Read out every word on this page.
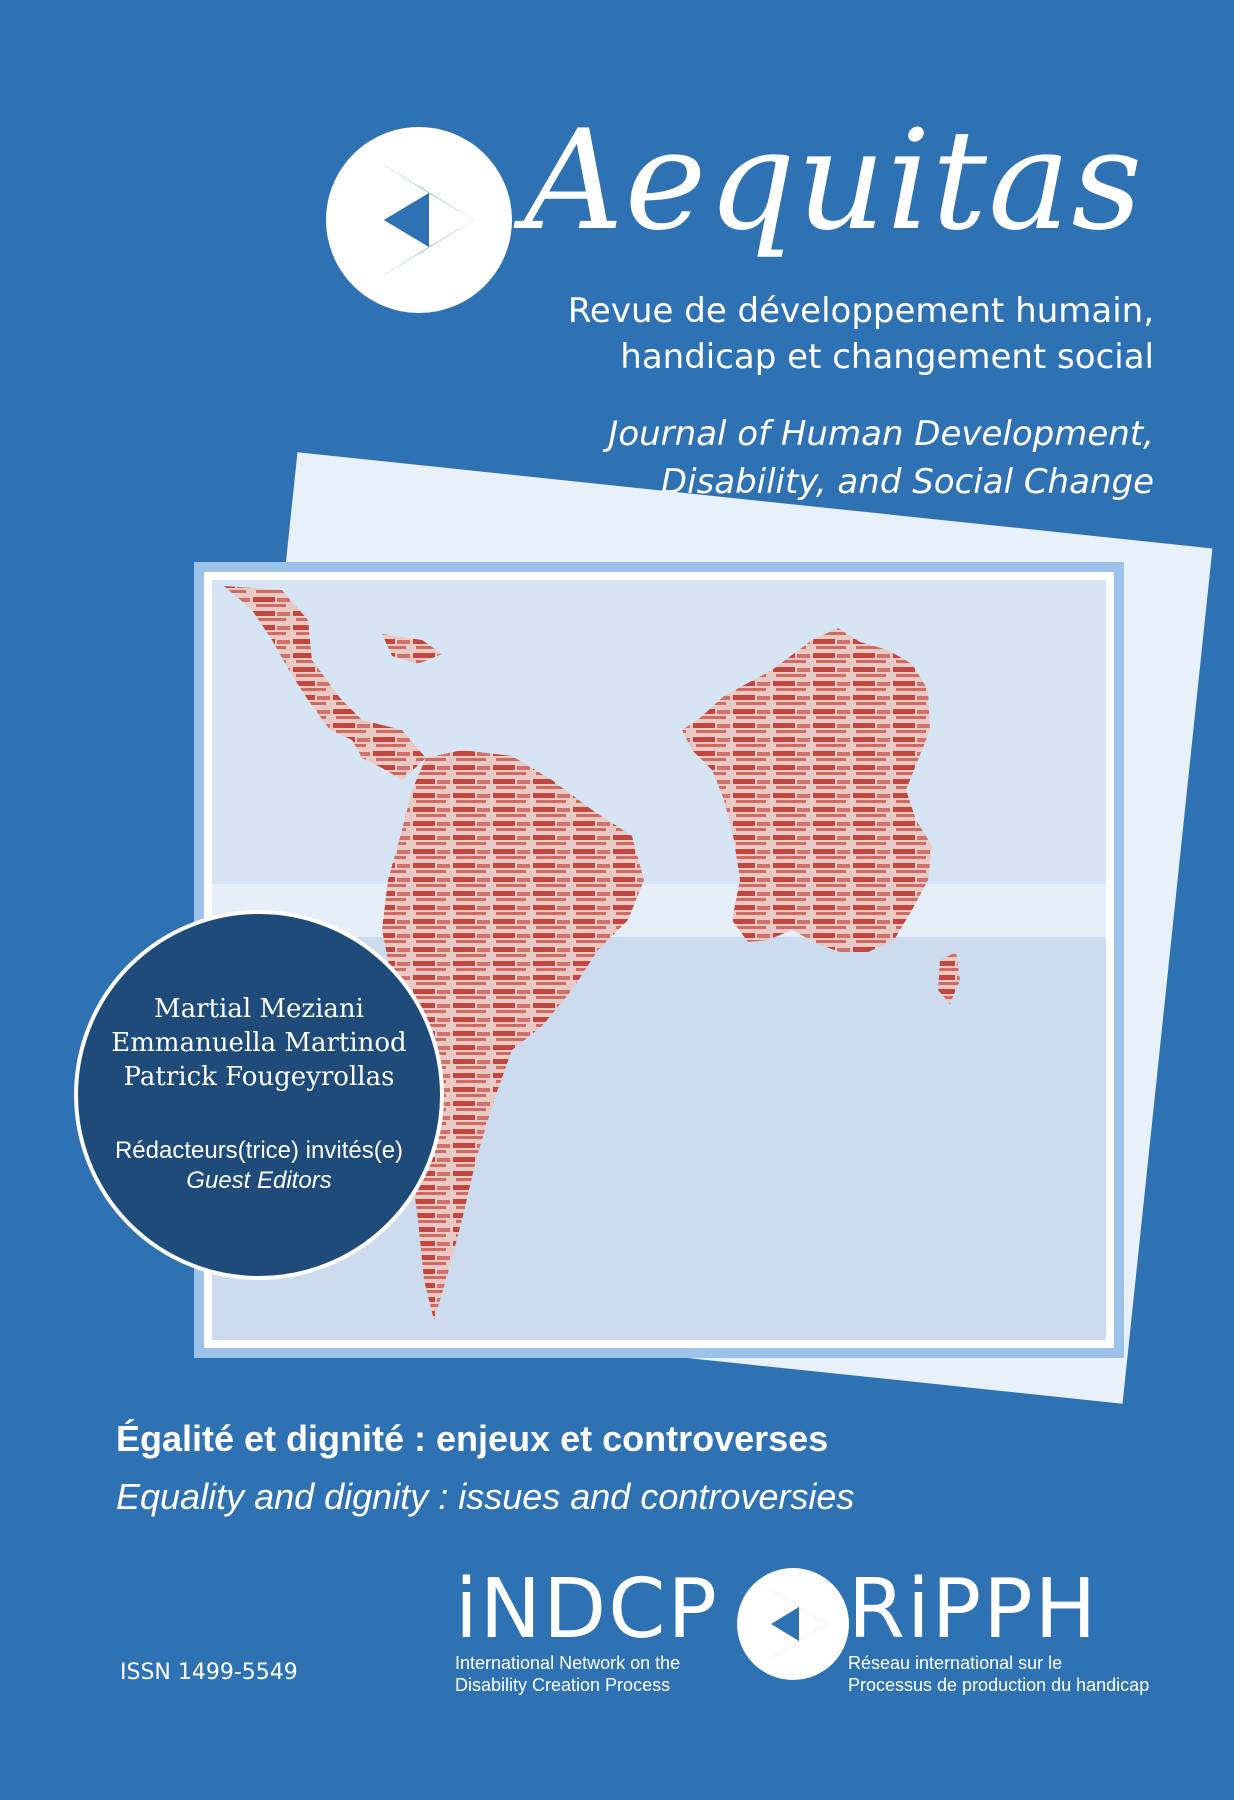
Aequitas
Revue de développement humain,
handicap et changement social
Journal of Human Development,
Disability, and Social Change
Martial Meziani
Emmanuella Martinod
Patrick Fougeyrollas
Rédacteurs(trice) invités(e)
Guest Editors
Égalité et dignité : enjeux et controverses
Equality and dignity : issues and controversies
ISSN 1499-5549
iNDCP
International Network on the
Disability Creation Process
RiPPH
Réseau international sur le
Processus de production du handicap
